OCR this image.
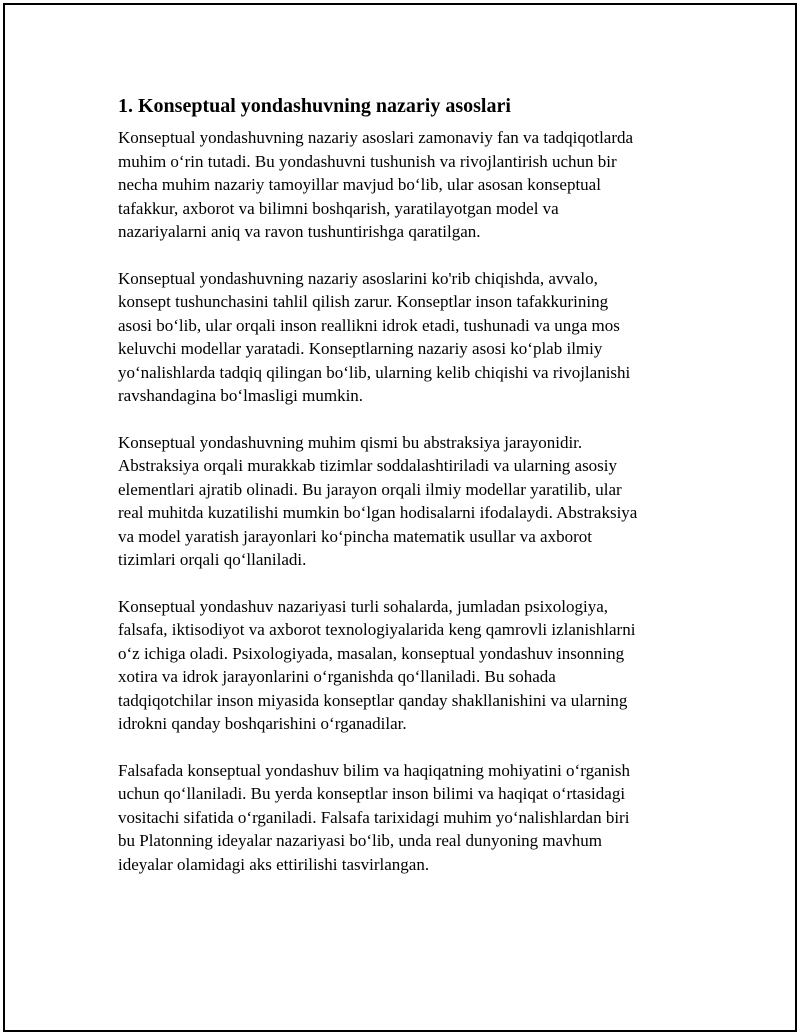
1. Konseptual yondashuvning nazariy asoslari
Konseptual yondashuvning nazariy asoslari zamonaviy fan va tadqiqotlarda
muhim o‘rin tutadi. Bu yondashuvni tushunish va rivojlantirish uchun bir
necha muhim nazariy tamoyillar mavjud bo‘lib, ular asosan konseptual
tafakkur, axborot va bilimni boshqarish, yaratilayotgan model va
nazariyalarni aniq va ravon tushuntirishga qaratilgan.
Konseptual yondashuvning nazariy asoslarini ko'rib chiqishda, avvalo,
konsept tushunchasini tahlil qilish zarur. Konseptlar inson tafakkurining
asosi bo‘lib, ular orqali inson reallikni idrok etadi, tushunadi va unga mos
keluvchi modellar yaratadi. Konseptlarning nazariy asosi ko‘plab ilmiy
yo‘nalishlarda tadqiq qilingan bo‘lib, ularning kelib chiqishi va rivojlanishi
ravshandagina bo‘lmasligi mumkin.
Konseptual yondashuvning muhim qismi bu abstraksiya jarayonidir.
Abstraksiya orqali murakkab tizimlar soddalashtiriladi va ularning asosiy
elementlari ajratib olinadi. Bu jarayon orqali ilmiy modellar yaratilib, ular
real muhitda kuzatilishi mumkin bo‘lgan hodisalarni ifodalaydi. Abstraksiya
va model yaratish jarayonlari ko‘pincha matematik usullar va axborot
tizimlari orqali qo‘llaniladi.
Konseptual yondashuv nazariyasi turli sohalarda, jumladan psixologiya,
falsafa, iktisodiyot va axborot texnologiyalarida keng qamrovli izlanishlarni
o‘z ichiga oladi. Psixologiyada, masalan, konseptual yondashuv insonning
xotira va idrok jarayonlarini o‘rganishda qo‘llaniladi. Bu sohada
tadqiqotchilar inson miyasida konseptlar qanday shakllanishini va ularning
idrokni qanday boshqarishini o‘rganadilar.
Falsafada konseptual yondashuv bilim va haqiqatning mohiyatini o‘rganish
uchun qo‘llaniladi. Bu yerda konseptlar inson bilimi va haqiqat o‘rtasidagi
vositachi sifatida o‘rganiladi. Falsafa tarixidagi muhim yo‘nalishlardan biri
bu Platonning ideyalar nazariyasi bo‘lib, unda real dunyoning mavhum
ideyalar olamidagi aks ettirilishi tasvirlangan.
